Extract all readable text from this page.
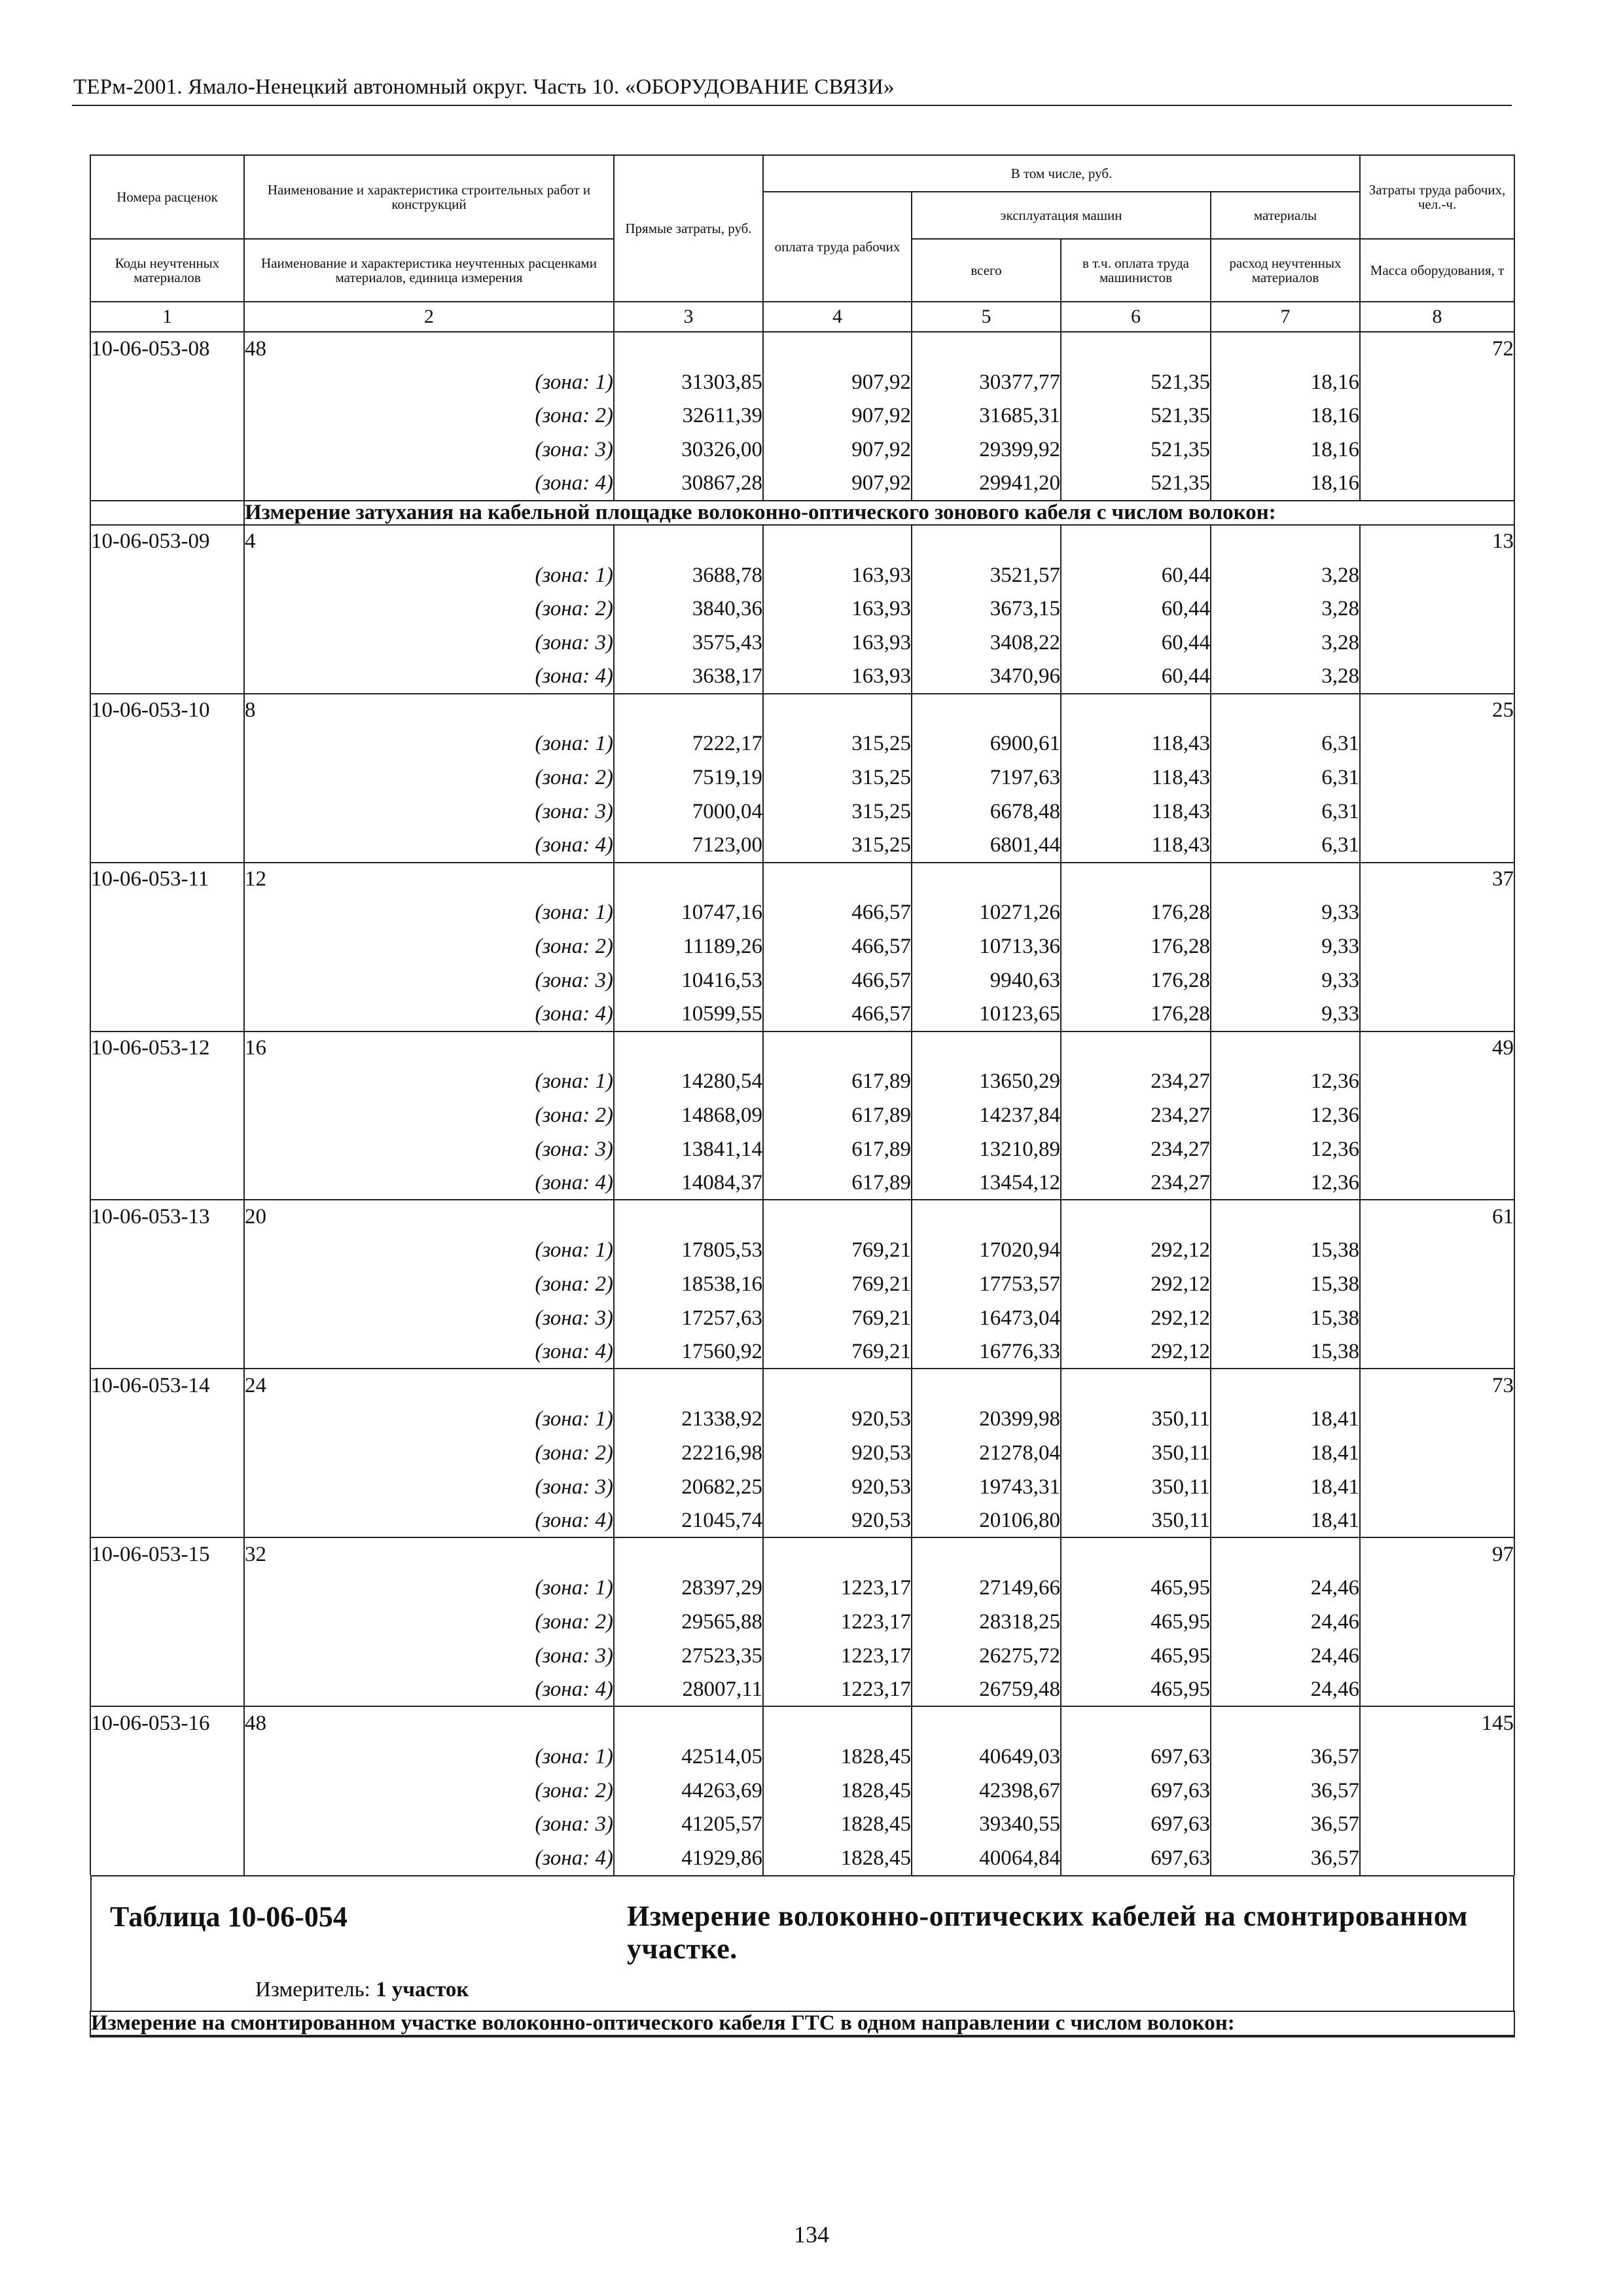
ТЕРм-2001. Ямало-Ненецкий автономный округ. Часть 10. «ОБОРУДОВАНИЕ СВЯЗИ»
Номера расценок	Наименование и характеристика строительных работ и конструкций	Прямые затраты, руб.	В том числе, руб.				Затраты труда рабочих, чел.-ч.
			оплата труда рабочих	эксплуатация машин		материалы	
Коды неучтенных материалов	Наименование и характеристика неучтенных расценками материалов, единица измерения			всего	в т.ч. оплата труда машинистов	расход неучтенных материалов	Масса оборудования, т

1	2	3	4	5	6	7	8
10-06-053-08	48						72
	(зона: 1)	31303,85	907,92	30377,77	521,35	18,16	
	(зона: 2)	32611,39	907,92	31685,31	521,35	18,16	
	(зона: 3)	30326,00	907,92	29399,92	521,35	18,16	
	(зона: 4)	30867,28	907,92	29941,20	521,35	18,16	
	Измерение затухания на кабельной площадке волоконно-оптического зонового кабеля с числом волокон:						
10-06-053-09	4						13
	(зона: 1)	3688,78	163,93	3521,57	60,44	3,28	
	(зона: 2)	3840,36	163,93	3673,15	60,44	3,28	
	(зона: 3)	3575,43	163,93	3408,22	60,44	3,28	
	(зона: 4)	3638,17	163,93	3470,96	60,44	3,28	
10-06-053-10	8						25
	(зона: 1)	7222,17	315,25	6900,61	118,43	6,31	
	(зона: 2)	7519,19	315,25	7197,63	118,43	6,31	
	(зона: 3)	7000,04	315,25	6678,48	118,43	6,31	
	(зона: 4)	7123,00	315,25	6801,44	118,43	6,31	
10-06-053-11	12						37
	(зона: 1)	10747,16	466,57	10271,26	176,28	9,33	
	(зона: 2)	11189,26	466,57	10713,36	176,28	9,33	
	(зона: 3)	10416,53	466,57	9940,63	176,28	9,33	
	(зона: 4)	10599,55	466,57	10123,65	176,28	9,33	
10-06-053-12	16						49
	(зона: 1)	14280,54	617,89	13650,29	234,27	12,36	
	(зона: 2)	14868,09	617,89	14237,84	234,27	12,36	
	(зона: 3)	13841,14	617,89	13210,89	234,27	12,36	
	(зона: 4)	14084,37	617,89	13454,12	234,27	12,36	
10-06-053-13	20						61
	(зона: 1)	17805,53	769,21	17020,94	292,12	15,38	
	(зона: 2)	18538,16	769,21	17753,57	292,12	15,38	
	(зона: 3)	17257,63	769,21	16473,04	292,12	15,38	
	(зона: 4)	17560,92	769,21	16776,33	292,12	15,38	
10-06-053-14	24						73
	(зона: 1)	21338,92	920,53	20399,98	350,11	18,41	
	(зона: 2)	22216,98	920,53	21278,04	350,11	18,41	
	(зона: 3)	20682,25	920,53	19743,31	350,11	18,41	
	(зона: 4)	21045,74	920,53	20106,80	350,11	18,41	
10-06-053-15	32						97
	(зона: 1)	28397,29	1223,17	27149,66	465,95	24,46	
	(зона: 2)	29565,88	1223,17	28318,25	465,95	24,46	
	(зона: 3)	27523,35	1223,17	26275,72	465,95	24,46	
	(зона: 4)	28007,11	1223,17	26759,48	465,95	24,46	
10-06-053-16	48						145
	(зона: 1)	42514,05	1828,45	40649,03	697,63	36,57	
	(зона: 2)	44263,69	1828,45	42398,67	697,63	36,57	
	(зона: 3)	41205,57	1828,45	39340,55	697,63	36,57	
	(зона: 4)	41929,86	1828,45	40064,84	697,63	36,57	

Таблица 10-06-054 Измерение волоконно-оптических кабелей на смонтированном участке.
Измеритель: 1 участок							

Измерение на смонтированном участке волоконно-оптического кабеля ГТС в одном направлении с числом волокон:							
134
